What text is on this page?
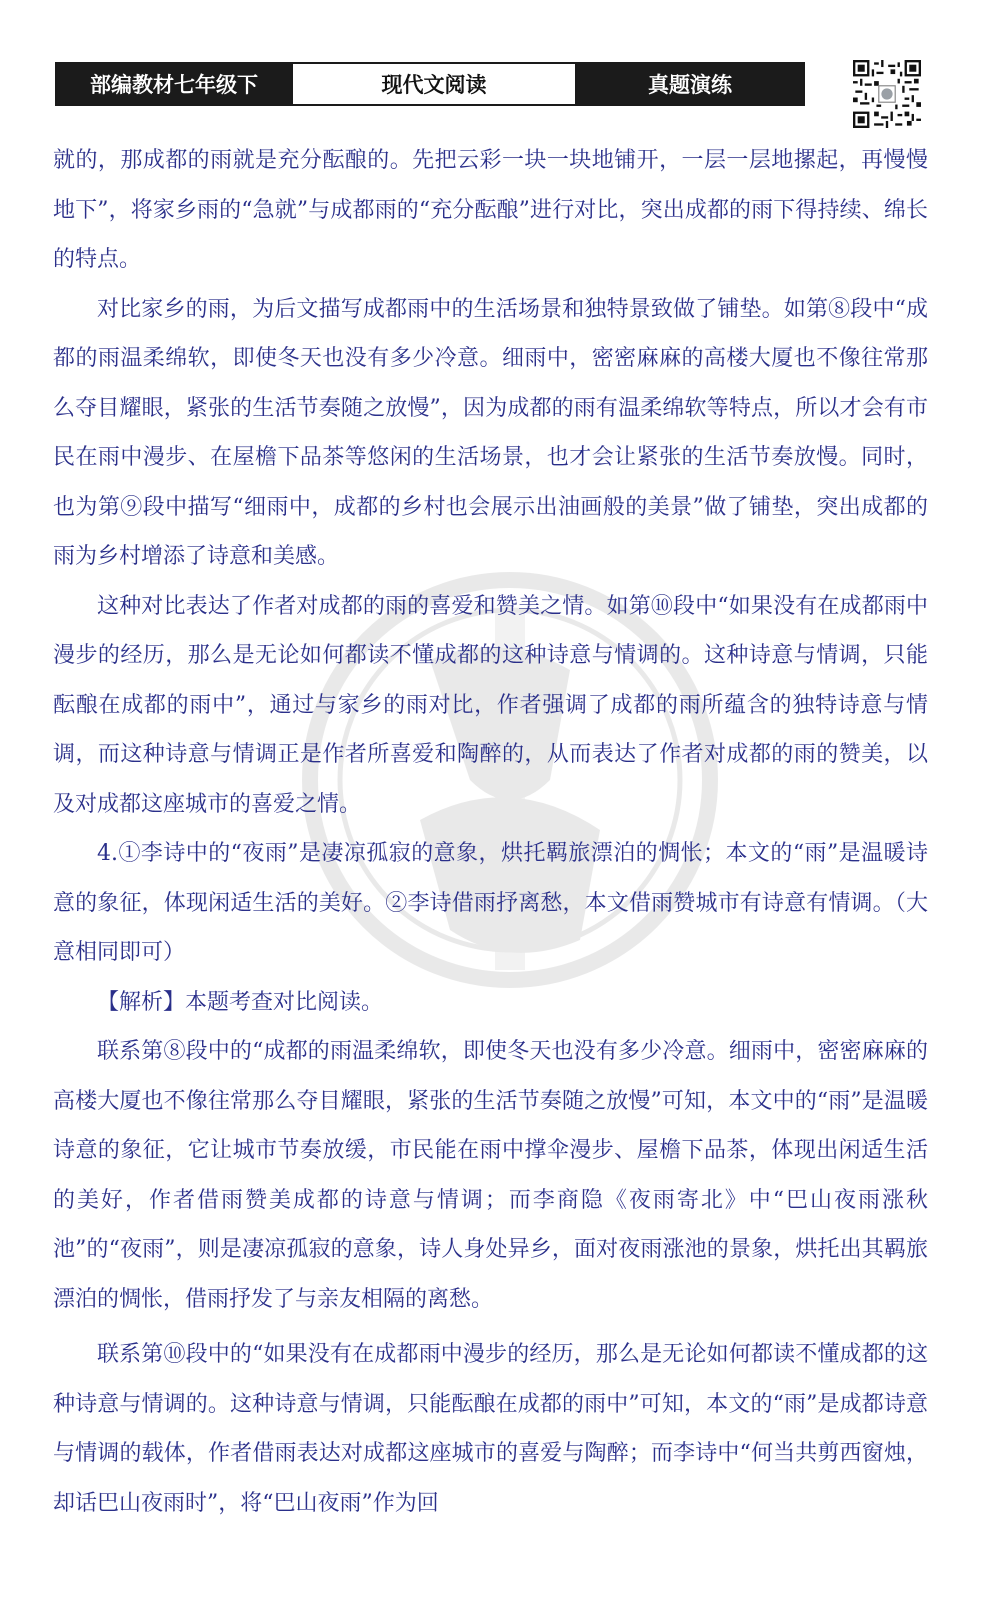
部编教材七年级下	现代文阅读	真题演练

就的，那成都的雨就是充分酝酿的。先把云彩一块一块地铺开，一层一层地摞起，再慢慢地下”，将家乡雨的“急就”与成都雨的“充分酝酿”进行对比，突出成都的雨下得持续、绵长的特点。

对比家乡的雨，为后文描写成都雨中的生活场景和独特景致做了铺垫。如第⑧段中“成都的雨温柔绵软，即使冬天也没有多少冷意。细雨中，密密麻麻的高楼大厦也不像往常那么夺目耀眼，紧张的生活节奏随之放慢”，因为成都的雨有温柔绵软等特点，所以才会有市民在雨中漫步、在屋檐下品茶等悠闲的生活场景，也才会让紧张的生活节奏放慢。同时，也为第⑨段中描写“细雨中，成都的乡村也会展示出油画般的美景”做了铺垫，突出成都的雨为乡村增添了诗意和美感。

这种对比表达了作者对成都的雨的喜爱和赞美之情。如第⑩段中“如果没有在成都雨中漫步的经历，那么是无论如何都读不懂成都的这种诗意与情调的。这种诗意与情调，只能酝酿在成都的雨中”，通过与家乡的雨对比，作者强调了成都的雨所蕴含的独特诗意与情调，而这种诗意与情调正是作者所喜爱和陶醉的，从而表达了作者对成都的雨的赞美，以及对成都这座城市的喜爱之情。

4.①李诗中的“夜雨”是凄凉孤寂的意象，烘托羁旅漂泊的惆怅；本文的“雨”是温暖诗意的象征，体现闲适生活的美好。②李诗借雨抒离愁，本文借雨赞城市有诗意有情调。（大意相同即可）

【解析】本题考查对比阅读。

联系第⑧段中的“成都的雨温柔绵软，即使冬天也没有多少冷意。细雨中，密密麻麻的高楼大厦也不像往常那么夺目耀眼，紧张的生活节奏随之放慢”可知，本文中的“雨”是温暖诗意的象征，它让城市节奏放缓，市民能在雨中撑伞漫步、屋檐下品茶，体现出闲适生活的美好，作者借雨赞美成都的诗意与情调；而李商隐《夜雨寄北》中“巴山夜雨涨秋池”的“夜雨”，则是凄凉孤寂的意象，诗人身处异乡，面对夜雨涨池的景象，烘托出其羁旅漂泊的惆怅，借雨抒发了与亲友相隔的离愁。

联系第⑩段中的“如果没有在成都雨中漫步的经历，那么是无论如何都读不懂成都的这种诗意与情调的。这种诗意与情调，只能酝酿在成都的雨中”可知，本文的“雨”是成都诗意与情调的载体，作者借雨表达对成都这座城市的喜爱与陶醉；而李诗中“何当共剪西窗烛，却话巴山夜雨时”，将“巴山夜雨”作为回
